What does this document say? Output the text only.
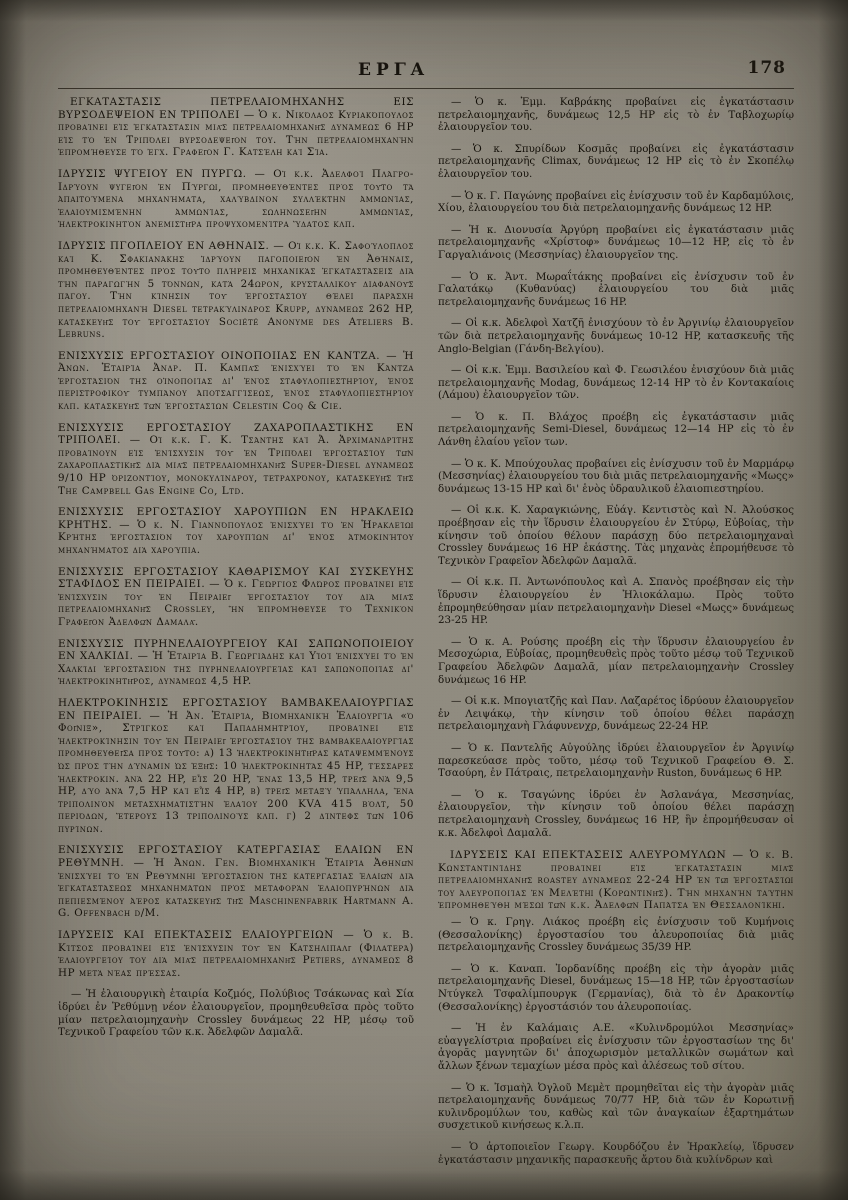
ΕΡΓΑ	178

ΕΓΚΑΤΑΣΤΑΣΙΣ ΠΕΤΡΕΛΑΙΟΜΗΧΑΝΗΣ ΕΙΣ ΒΥΡΣΟΔΕΨΕΙΟΝ ΕΝ ΤΡΙΠΟΛΕΙ — Ὁ κ. Νικόλαος Κυριακόπουλος προβαίνει εἰς ἐγκατάστασιν μιᾶς πετρελαιομηχανῆς δυνάμεως 6 HP εἰς τὸ ἐν Τριπόλει βυρσοδεψεῖον του. Τὴν πετρελαιομηχανὴν ἐπρομήθευσε τὸ ἐγχ. Γραφεῖον Γ. Κατσέλη καὶ Σία.

ΙΔΡΥΣΙΣ ΨΥΓΕΙΟΥ ΕΝ ΠΥΡΓΩ. — Οἱ κ.κ. Ἀδελφοὶ Πλάγρο-Ιδρύουν ψυγεῖον ἐν Πύργῳ, προμηθευθέντες πρὸς τοῦτο τὰ ἀπαιτούμενα μηχανήματα, χαλύβδινον συλλέκτην ἀμμωνίας, ἐλαιουμισμένην ἀμμωνίας, σωληνωσεῖην ἀμμωνίας, ἠλεκτροκινητὸν ἀνεμιστῆρα προψυχομενίτρα ὕδατος κλπ.

ΙΔΡΥΣΙΣ ΠΓΟΠΛΕΙΟΥ ΕΝ ΑΘΗΝΑΙΣ. — Οἱ κ.κ. Κ. Σαφούλοπλος καὶ Κ. Σφακιανάκης ἱδρύουν παγοποιεῖον ἐν Ἀθήναις, προμηθευθέντες πρὸς τοῦτο πλήρεις μηχανικὰς ἐγκαταστάσεις διὰ τὴν παραγωγὴν 5 τόννων, κατὰ 24ωρον, κρυσταλλικοῦ διαφανοῦς πάγου. Τὴν κίνησιν τοῦ ἐργοστασίου θέλει παράσχη πετρελαιομηχανὴ Diesel τετρακύλινδρος Krupp, δυνάμεως 262 HP, κατασκευῆς τοῦ ἐργοστασίου Société Anonyme des Ateliers B. Lebruns.

ΕΝΙΣΧΥΣΙΣ ΕΡΓΟΣΤΑΣΙΟΥ ΟΙΝΟΠΟΙΙΑΣ ΕΝ ΚΑΝΤΖΑ. — Ἡ Ἀνων. Ἑταιρία Ἀνδρ. Π. Καμπᾶς ἐνισχύει τὸ ἐν Κάντζα ἐργοστάσιόν της οἰνοποιίας δι' ἑνὸς σταφυλοπιεστηρίου, ἑνὸς περιστροφικοῦ τυμπάνου ἀποτσαγγίσεως, ἑνὸς σταφυλοπιεστηρίου κλπ. κατασκευῆς τῶν ἐργοστασίων Celestin Coq & Cie.

ΕΝΙΣΧΥΣΙΣ ΕΡΓΟΣΤΑΣΙΟΥ ΖΑΧΑΡΟΠΛΑΣΤΙΚΗΣ ΕΝ ΤΡΙΠΟΛΕΙ. — Οἱ κ.κ. Γ. Κ. Τσάντης καὶ Ἀ. Ἀρχιμανδρίτης προβαίνουν εἰς ἐνίσχυσιν τοῦ ἐν Τριπόλει ἐργοστασίου τῶν ζαχαροπλαστικῆς διὰ μιᾶς πετρελαιομηχανῆς Super-Diesel δυνάμεως 9/10 HP ὀριζοντίου, μονοκυλίνδρου, τετραχρόνου, κατασκευῆς τῆς The Campbell Gas Engine Co, Ltd.

ΕΝΙΣΧΥΣΙΣ ΕΡΓΟΣΤΑΣΙΟΥ ΧΑΡΟΥΠΙΩΝ ΕΝ ΗΡΑΚΛΕΙΩ ΚΡΗΤΗΣ. — Ὁ κ. Ν. Γιαννόπουλος ἐνισχύει τὸ ἐν Ἡρακλείῳ Κρήτης ἐργοστάσιόν του χαρουπίων δι' ἑνὸς ἀτμοκινήτου μηχανήματος διὰ χαρούπια.

ΕΝΙΣΧΥΣΙΣ ΕΡΓΟΣΤΑΣΙΟΥ ΚΑΘΑΡΙΣΜΟΥ ΚΑΙ ΣΥΣΚΕΥΗΣ ΣΤΑΦΙΔΟΣ ΕΝ ΠΕΙΡΑΙΕΙ. — Ὁ κ. Γεώργιος Φλώρος προβαίνει εἰς ἐνίσχυσιν τοῦ ἐν Πειραιεῖ ἐργοστασίου του διὰ μιᾶς πετρελαιομηχανῆς Crossley, ἣν ἐπρομήθευσε τὸ Τεχνικὸν Γραφεῖον Ἀδελφῶν Δαμαλᾶ.

ΕΝΙΣΧΥΣΙΣ ΠΥΡΗΝΕΛΑΙΟΥΡΓΕΙΟΥ ΚΑΙ ΣΑΠΩΝΟΠΟΙΕΙΟΥ ΕΝ ΧΑΛΚΙΔΙ. — Ἡ Ἑταιρία Β. Γεωργιάδης καὶ Υἱοὶ ἐνισχύει τὸ ἐν Χαλκίδι ἐργοστάσιόν της πυρηνελαιουργείας καὶ σαπωνοποιίας δι' ἠλεκτροκινητῆρος, δυνάμεως 4,5 HP.

ΗΛΕΚΤΡΟΚΙΝΗΣΙΣ ΕΡΓΟΣΤΑΣΙΟΥ ΒΑΜΒΑΚΕΛΑΙΟΥΡΓΙΑΣ ΕΝ ΠΕΙΡΑΙΕΙ. — Ἡ Ἀν. Ἑταιρία, Βιομηχανικὴ Ἑλαιουργία «ὁ Φοῖνιξ», Στρίγκος καὶ Παπαδημητρίου, προβαίνει εἰς ἠλεκτροκίνησιν τοῦ ἐν Πειραιεῖ ἐργοστασίου της βαμβακελαιουργίας προμηθευθεῖσα πρὸς τοῦτο: α) 13 ἠλεκτροκινητῆρας καταψεμμένους ὡς πρὸς τὴν δύναμιν ὡς ἑξῆς: 10 ἠλεκτροκινητὰς 45 HP, τέσσαρες ἠλεκτροκιν. ἀνὰ 22 HP, εἷς 20 HP, ἕνας 13,5 HP, τρεῖς ἀνὰ 9,5 HP, δύο ἀνὰ 7,5 HP καὶ εἷς 4 HP, β) τρεῖς μεταξὺ ὑπάλληλα, ἕνα τριπολινὸν μετασχηματιστὴν ἐλαίου 200 KVA 415 βὸλτ, 50 περιόδων, ἕτερους 13 τριπολινοὺς κλπ. γ) 2 δίντεφς τῶν 106 πυρίνων.

ΕΝΙΣΧΥΣΙΣ ΕΡΓΟΣΤΑΣΙΟΥ ΚΑΤΕΡΓΑΣΙΑΣ ΕΛΑΙΩΝ ΕΝ ΡΕΘΥΜΝΗ. — Ἡ Ἀνων. Γεν. Βιομηχανικὴ Ἑταιρία Ἀθηνῶν ἐνισχύει τὸ ἐν Ρεθύμνῃ ἐργοστάσιόν της κατεργασίας ἐλαιῶν διὰ ἐγκαταστάσεως μηχανημάτων πρὸς μεταφορὰν ἐλαιοπυρήνων διὰ πεπιεσμένου ἀέρος κατασκευῆς τῆς Maschinenfabrik Hartmann A. G. Offenbach d/M.

ΙΔΡΥΣΕΙΣ ΚΑΙ ΕΠΕΚΤΑΣΕΙΣ ΕΛΑΙΟΥΡΓΕΙΩΝ — Ὁ κ. Β. Κίτσος προβαίνει εἰς ἐνίσχυσιν τοῦ ἐν Κατσηλιπαλῖ (Φιλατερά) ἐλαιουργείου του διὰ μιᾶς πετρελαιομηχανῆς Petiers, δυνάμεως 8 HP μετὰ νέας πρέσσας.

— Ἡ ἐλαιουργικὴ ἑταιρία Κοζμός, Πολύβιος Τσάκωνας καὶ Σία ἱδρύει ἐν Ῥεθύμνῃ νέον ἐλαιουργεῖον, προμηθευθεῖσα πρὸς τοῦτο μίαν πετρελαιομηχανὴν Crossley δυνάμεως 22 HP, μέσῳ τοῦ Τεχνικοῦ Γραφείου τῶν κ.κ. Ἀδελφῶν Δαμαλᾶ.

— Ὁ κ. Ἐμμ. Καβράκης προβαίνει εἰς ἐγκατάστασιν πετρελαιομηχανῆς, δυνάμεως 12,5 HP εἰς τὸ ἐν Ταβλοχωρίῳ ἐλαιουργεῖον του.

— Ὁ κ. Σπυρίδων Κοσμᾶς προβαίνει εἰς ἐγκατάστασιν πετρελαιομηχανῆς Climax, δυνάμεως 12 HP εἰς τὸ ἐν Σκοπέλῳ ἐλαιουργεῖον του.

— Ὁ κ. Γ. Παγώνης προβαίνει εἰς ἐνίσχυσιν τοῦ ἐν Καρδαμύλοις, Χίου, ἐλαιουργείου του διὰ πετρελαιομηχανῆς δυνάμεως 12 HP.

— Ἡ κ. Διονυσία Ἀργύρη προβαίνει εἰς ἐγκατάστασιν μιᾶς πετρελαιομηχανῆς «Χρίστοφ» δυνάμεως 10—12 HP, εἰς τὸ ἐν Γαργαλιάνοις (Μεσσηνίας) ἐλαιουργεῖον της.

— Ὁ κ. Ἀντ. Μωραΐτάκης προβαίνει εἰς ἐνίσχυσιν τοῦ ἐν Γαλατάκῳ (Κυθανύας) ἐλαιουργείου του διὰ μιᾶς πετρελαιομηχανῆς δυνάμεως 16 HP.

— Οἱ κ.κ. Ἀδελφοὶ Χατζῆ ἐνισχύουν τὸ ἐν Ἀργινίῳ ἐλαιουργεῖον τῶν διὰ πετρελαιομηχανῆς δυνάμεως 10-12 HP, κατασκευῆς τῆς Anglo-Belgian (Γάνδη-Βελγίου).

— Οἱ κ.κ. Ἐμμ. Βασιλείου καὶ Φ. Γεωσιλέου ἐνισχύουν διὰ μιᾶς πετρελαιομηχανῆς Modag, δυνάμεως 12-14 HP τὸ ἐν Κοντακαίοις (Λάμου) ἐλαιουργεῖον τῶν.

— Ὁ κ. Π. Βλάχος προέβη εἰς ἐγκατάστασιν μιᾶς πετρελαιομηχανῆς Semi-Diesel, δυνάμεως 12—14 HP εἰς τὸ ἐν Λάνθη ἐλαίου γεῖον των.

— Ὁ κ. Κ. Μπούχουλας προβαίνει εἰς ἐνίσχυσιν τοῦ ἐν Μαρμάρῳ (Μεσσηνίας) ἐλαιουργείου του διὰ μιᾶς πετρελαιομηχανῆς «Μωςς» δυνάμεως 13-15 HP καὶ δι' ἑνὸς ὑδραυλικοῦ ἐλαιοπιεστηρίου.

— Οἱ κ.κ. Κ. Χαραγκιώνης, Εὐάγ. Κεντιστὸς καὶ Ν. Ἀλούσκος προέβησαν εἰς τὴν ἵδρυσιν ἐλαιουργείου ἐν Στύρῳ, Εὐβοίας, τὴν κίνησιν τοῦ ὁποίου θέλουν παράσχῃ δύο πετρελαιομηχαναὶ Crossley δυνάμεως 16 HP ἑκάστης. Τὰς μηχανὰς ἐπρομήθευσε τὸ Τεχνικὸν Γραφεῖον Ἀδελφῶν Δαμαλᾶ.

— Οἱ κ.κ. Π. Ἀντωνόπουλος καὶ Α. Σπανὸς προέβησαν εἰς τὴν ἵδρυσιν ἐλαιουργείου ἐν Ἠλιοκάλαμω. Πρὸς τοῦτο ἐπρομηθεύθησαν μίαν πετρελαιομηχανὴν Diesel «Μωςς» δυνάμεως 23-25 HP.

— Ὁ κ. Α. Ρούσης προέβη εἰς τὴν ἵδρυσιν ἐλαιουργείου ἐν Μεσοχώρια, Εὐβοίας, προμηθευθεὶς πρὸς τοῦτο μέσῳ τοῦ Τεχνικοῦ Γραφείου Ἀδελφῶν Δαμαλᾶ, μίαν πετρελαιομηχανὴν Crossley δυνάμεως 16 HP.

— Οἱ κ.κ. Μπογιατζῆς καὶ Παν. Λαζαρέτος ἱδρύουν ἐλαιουργεῖον ἐν Λειψάκῳ, τὴν κίνησιν τοῦ ὁποίου θέλει παράσχῃ πετρελαιομηχανὴ Γλάφυνενχρ, δυνάμεως 22-24 HP.

— Ὁ κ. Παντελῆς Αὐγούλης ἱδρύει ἐλαιουργεῖον ἐν Ἀργινίῳ παρεσκεύασε πρὸς τοῦτο, μέσῳ τοῦ Τεχνικοῦ Γραφείου Θ. Σ. Τσαούρη, ἐν Πάτραις, πετρελαιομηχανὴν Ruston, δυνάμεως 6 HP.

— Ὁ κ. Τσαγώνης ἱδρύει ἐν Ἀσλανάγα, Μεσσηνίας, ἐλαιουργεῖον, τὴν κίνησιν τοῦ ὁποίου θέλει παράσχῃ πετρελαιομηχανὴ Crossley, δυνάμεως 16 HP, ἣν ἐπρομήθευσαν οἱ κ.κ. Ἀδελφοὶ Δαμαλᾶ.

ΙΔΡΥΣΕΙΣ ΚΑΙ ΕΠΕΚΤΑΣΕΙΣ ΑΛΕΥΡΟΜΥΛΩΝ — Ὁ κ. Β. Κωνσταντινίδης προβαίνει εἰς ἐγκατάστασιν μιᾶς πετρελαιομηχανῆς roastey δυνάμεως 22-24 HP ἐν τῷ ἐργοστασίῳ του ἀλευροποιίας ἐν Μελέτῃ (Κορωντινῆς). Τὴν μηχανὴν ταύτην ἐπρομηθεύθη μέσῳ τῶν κ.κ. Ἀδελφῶν Παπάτσα ἐν Θεσσαλονίκῃ.

— Ὁ κ. Γρηγ. Λιάκος προέβη εἰς ἐνίσχυσιν τοῦ Κυμήνοις (Θεσσαλονίκης) ἐργοστασίου του ἀλευροποιίας διὰ μιᾶς πετρελαιομηχανῆς Crossley δυνάμεως 35/39 HP.

— Ὁ κ. Καναπ. Ἰορδανίδης προέβη εἰς τὴν ἀγορὰν μιᾶς πετρελαιομηχανῆς Diesel, δυνάμεως 15—18 HP, τῶν ἐργοστασίων Ντύγκελ Τσφαλίμπουργκ (Γερμανίας), διὰ τὸ ἐν Δρακοντίῳ (Θεσσαλονίκης) ἐργοστάσιόν του ἀλευροποιίας.

— Ἡ ἐν Καλάμαις Α.Ε. «Κυλινδρομύλοι Μεσσηνίας» εὐαγγελίστρια προβαίνει εἰς ἐνίσχυσιν τῶν ἐργοστασίων της δι' ἀγορᾶς μαγνητῶν δι' ἀποχωρισμὸν μεταλλικῶν σωμάτων καὶ ἄλλων ξένων τεμαχίων μέσα πρὸς καὶ ἀλέσεως τοῦ σίτου.

— Ὁ κ. Ἰσμαὴλ Ὀγλοῦ Μεμὲτ προμηθεῖται εἰς τὴν ἀγορὰν μιᾶς πετρελαιομηχανῆς δυνάμεως 70/77 HP, διὰ τῶν ἐν Κορωτινῇ κυλινδρομύλων του, καθὼς καὶ τῶν ἀναγκαίων ἐξαρτημάτων συσχετικοῦ κινήσεως κ.λ.π.

— Ὁ ἀρτοποιεῖον Γεωργ. Κουρδόζου ἐν Ἡρακλείῳ, ἵδρυσεν ἐγκατάστασιν μηχανικῆς παρασκευῆς ἄρτου διὰ κυλίνδρων καὶ
